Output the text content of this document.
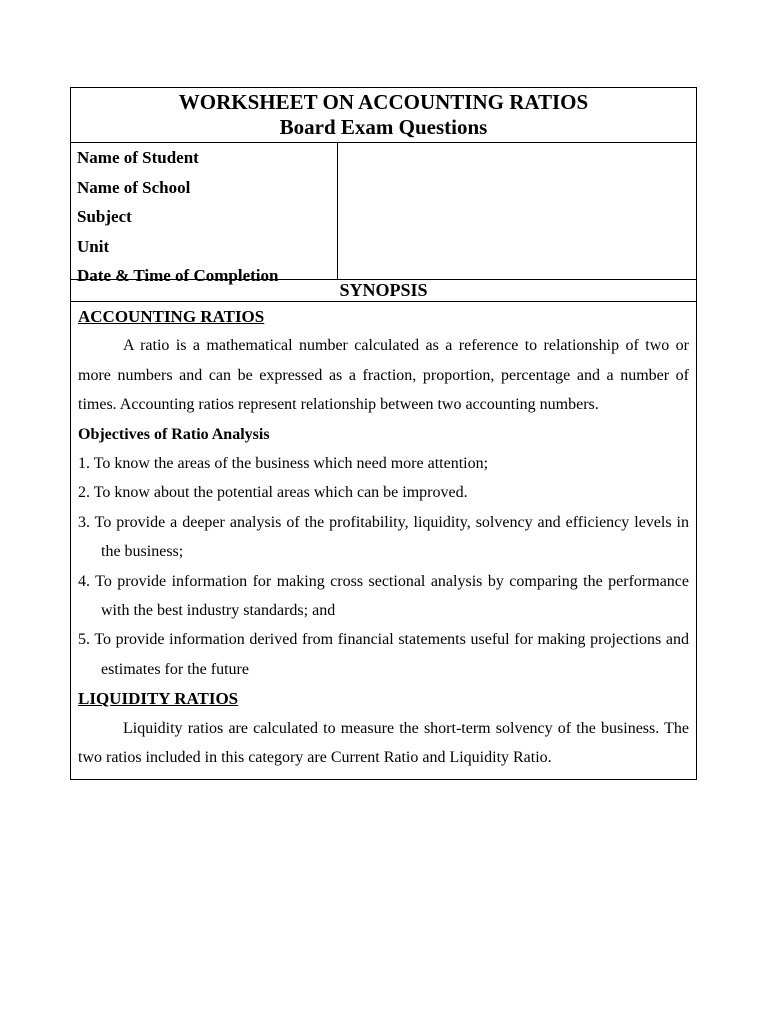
WORKSHEET ON ACCOUNTING RATIOS
Board Exam Questions
Name of Student
Name of School
Subject
Unit
Date & Time of Completion
SYNOPSIS
ACCOUNTING RATIOS

A ratio is a mathematical number calculated as a reference to relationship of two or more numbers and can be expressed as a fraction, proportion, percentage and a number of times. Accounting ratios represent relationship between two accounting numbers.

Objectives of Ratio Analysis
1. To know the areas of the business which need more attention;
2. To know about the potential areas which can be improved.
3. To provide a deeper analysis of the profitability, liquidity, solvency and efficiency levels in the business;
4. To provide information for making cross sectional analysis by comparing the performance with the best industry standards; and
5. To provide information derived from financial statements useful for making projections and estimates for the future
LIQUIDITY RATIOS

Liquidity ratios are calculated to measure the short-term solvency of the business. The two ratios included in this category are Current Ratio and Liquidity Ratio.
